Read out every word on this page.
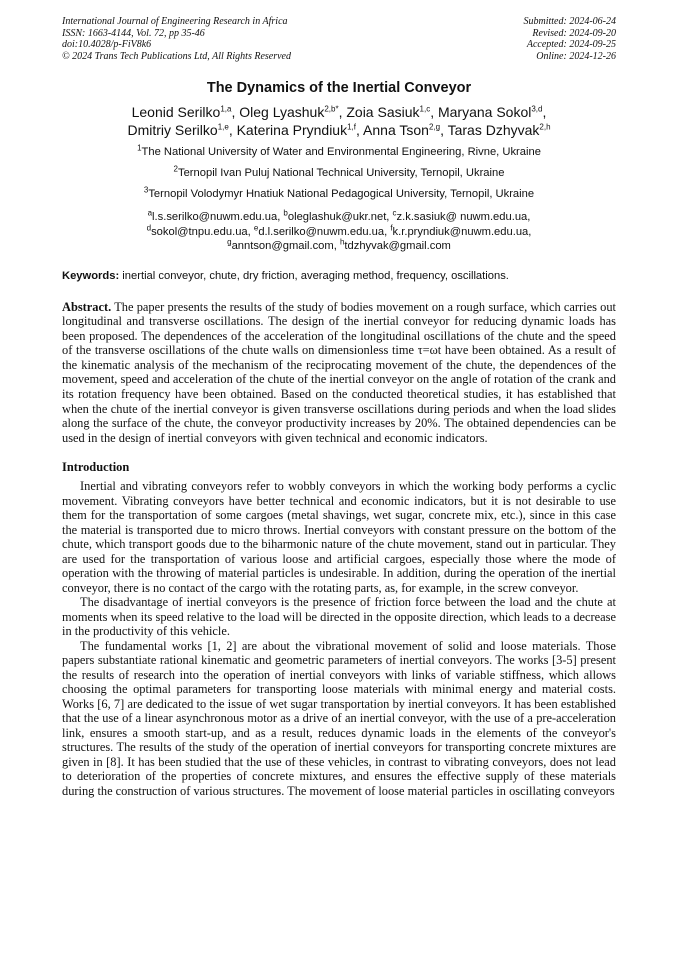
International Journal of Engineering Research in Africa
ISSN: 1663-4144, Vol. 72, pp 35-46
doi:10.4028/p-FiV8k6
© 2024 Trans Tech Publications Ltd, All Rights Reserved
Submitted: 2024-06-24
Revised: 2024-09-20
Accepted: 2024-09-25
Online: 2024-12-26
The Dynamics of the Inertial Conveyor
Leonid Serilko$^{1,a}$, Oleg Lyashuk$^{2,b*}$, Zoia Sasiuk$^{1,c}$, Maryana Sokol$^{3,d}$,
Dmitriy Serilko$^{1,e}$, Katerina Pryndiuk$^{1,f}$, Anna Tson$^{2,g}$, Taras Dzhyvak$^{2,h}$
$^1$The National University of Water and Environmental Engineering, Rivne, Ukraine
$^2$Ternopil Ivan Puluj National Technical University, Ternopil, Ukraine
$^3$Ternopil Volodymyr Hnatiuk National Pedagogical University, Ternopil, Ukraine
$^a$l.s.serilko@nuwm.edu.ua, $^b$oleglashuk@ukr.net, $^c$z.k.sasiuk@ nuwm.edu.ua,
$^d$sokol@tnpu.edu.ua, $^e$d.l.serilko@nuwm.edu.ua, $^f$k.r.pryndiuk@nuwm.edu.ua,
$^g$anntson@gmail.com, $^h$tdzhyvak@gmail.com
Keywords: inertial conveyor, chute, dry friction, averaging method, frequency, oscillations.
Abstract. The paper presents the results of the study of bodies movement on a rough surface, which carries out longitudinal and transverse oscillations. The design of the inertial conveyor for reducing dynamic loads has been proposed. The dependences of the acceleration of the longitudinal oscillations of the chute and the speed of the transverse oscillations of the chute walls on dimensionless time τ=ωt have been obtained. As a result of the kinematic analysis of the mechanism of the reciprocating movement of the chute, the dependences of the movement, speed and acceleration of the chute of the inertial conveyor on the angle of rotation of the crank and its rotation frequency have been obtained. Based on the conducted theoretical studies, it has established that when the chute of the inertial conveyor is given transverse oscillations during periods and when the load slides along the surface of the chute, the conveyor productivity increases by 20%. The obtained dependencies can be used in the design of inertial conveyors with given technical and economic indicators.
Introduction

Inertial and vibrating conveyors refer to wobbly conveyors in which the working body performs a cyclic movement. Vibrating conveyors have better technical and economic indicators, but it is not desirable to use them for the transportation of some cargoes (metal shavings, wet sugar, concrete mix, etc.), since in this case the material is transported due to micro throws. Inertial conveyors with constant pressure on the bottom of the chute, which transport goods due to the biharmonic nature of the chute movement, stand out in particular. They are used for the transportation of various loose and artificial cargoes, especially those where the mode of operation with the throwing of material particles is undesirable. In addition, during the operation of the inertial conveyor, there is no contact of the cargo with the rotating parts, as, for example, in the screw conveyor.

The disadvantage of inertial conveyors is the presence of friction force between the load and the chute at moments when its speed relative to the load will be directed in the opposite direction, which leads to a decrease in the productivity of this vehicle.

The fundamental works [1, 2] are about the vibrational movement of solid and loose materials. Those papers substantiate rational kinematic and geometric parameters of inertial conveyors. The works [3-5] present the results of research into the operation of inertial conveyors with links of variable stiffness, which allows choosing the optimal parameters for transporting loose materials with minimal energy and material costs. Works [6, 7] are dedicated to the issue of wet sugar transportation by inertial conveyors. It has been established that the use of a linear asynchronous motor as a drive of an inertial conveyor, with the use of a pre-acceleration link, ensures a smooth start-up, and as a result, reduces dynamic loads in the elements of the conveyor's structures. The results of the study of the operation of inertial conveyors for transporting concrete mixtures are given in [8]. It has been studied that the use of these vehicles, in contrast to vibrating conveyors, does not lead to deterioration of the properties of concrete mixtures, and ensures the effective supply of these materials during the construction of various structures. The movement of loose material particles in oscillating conveyors
